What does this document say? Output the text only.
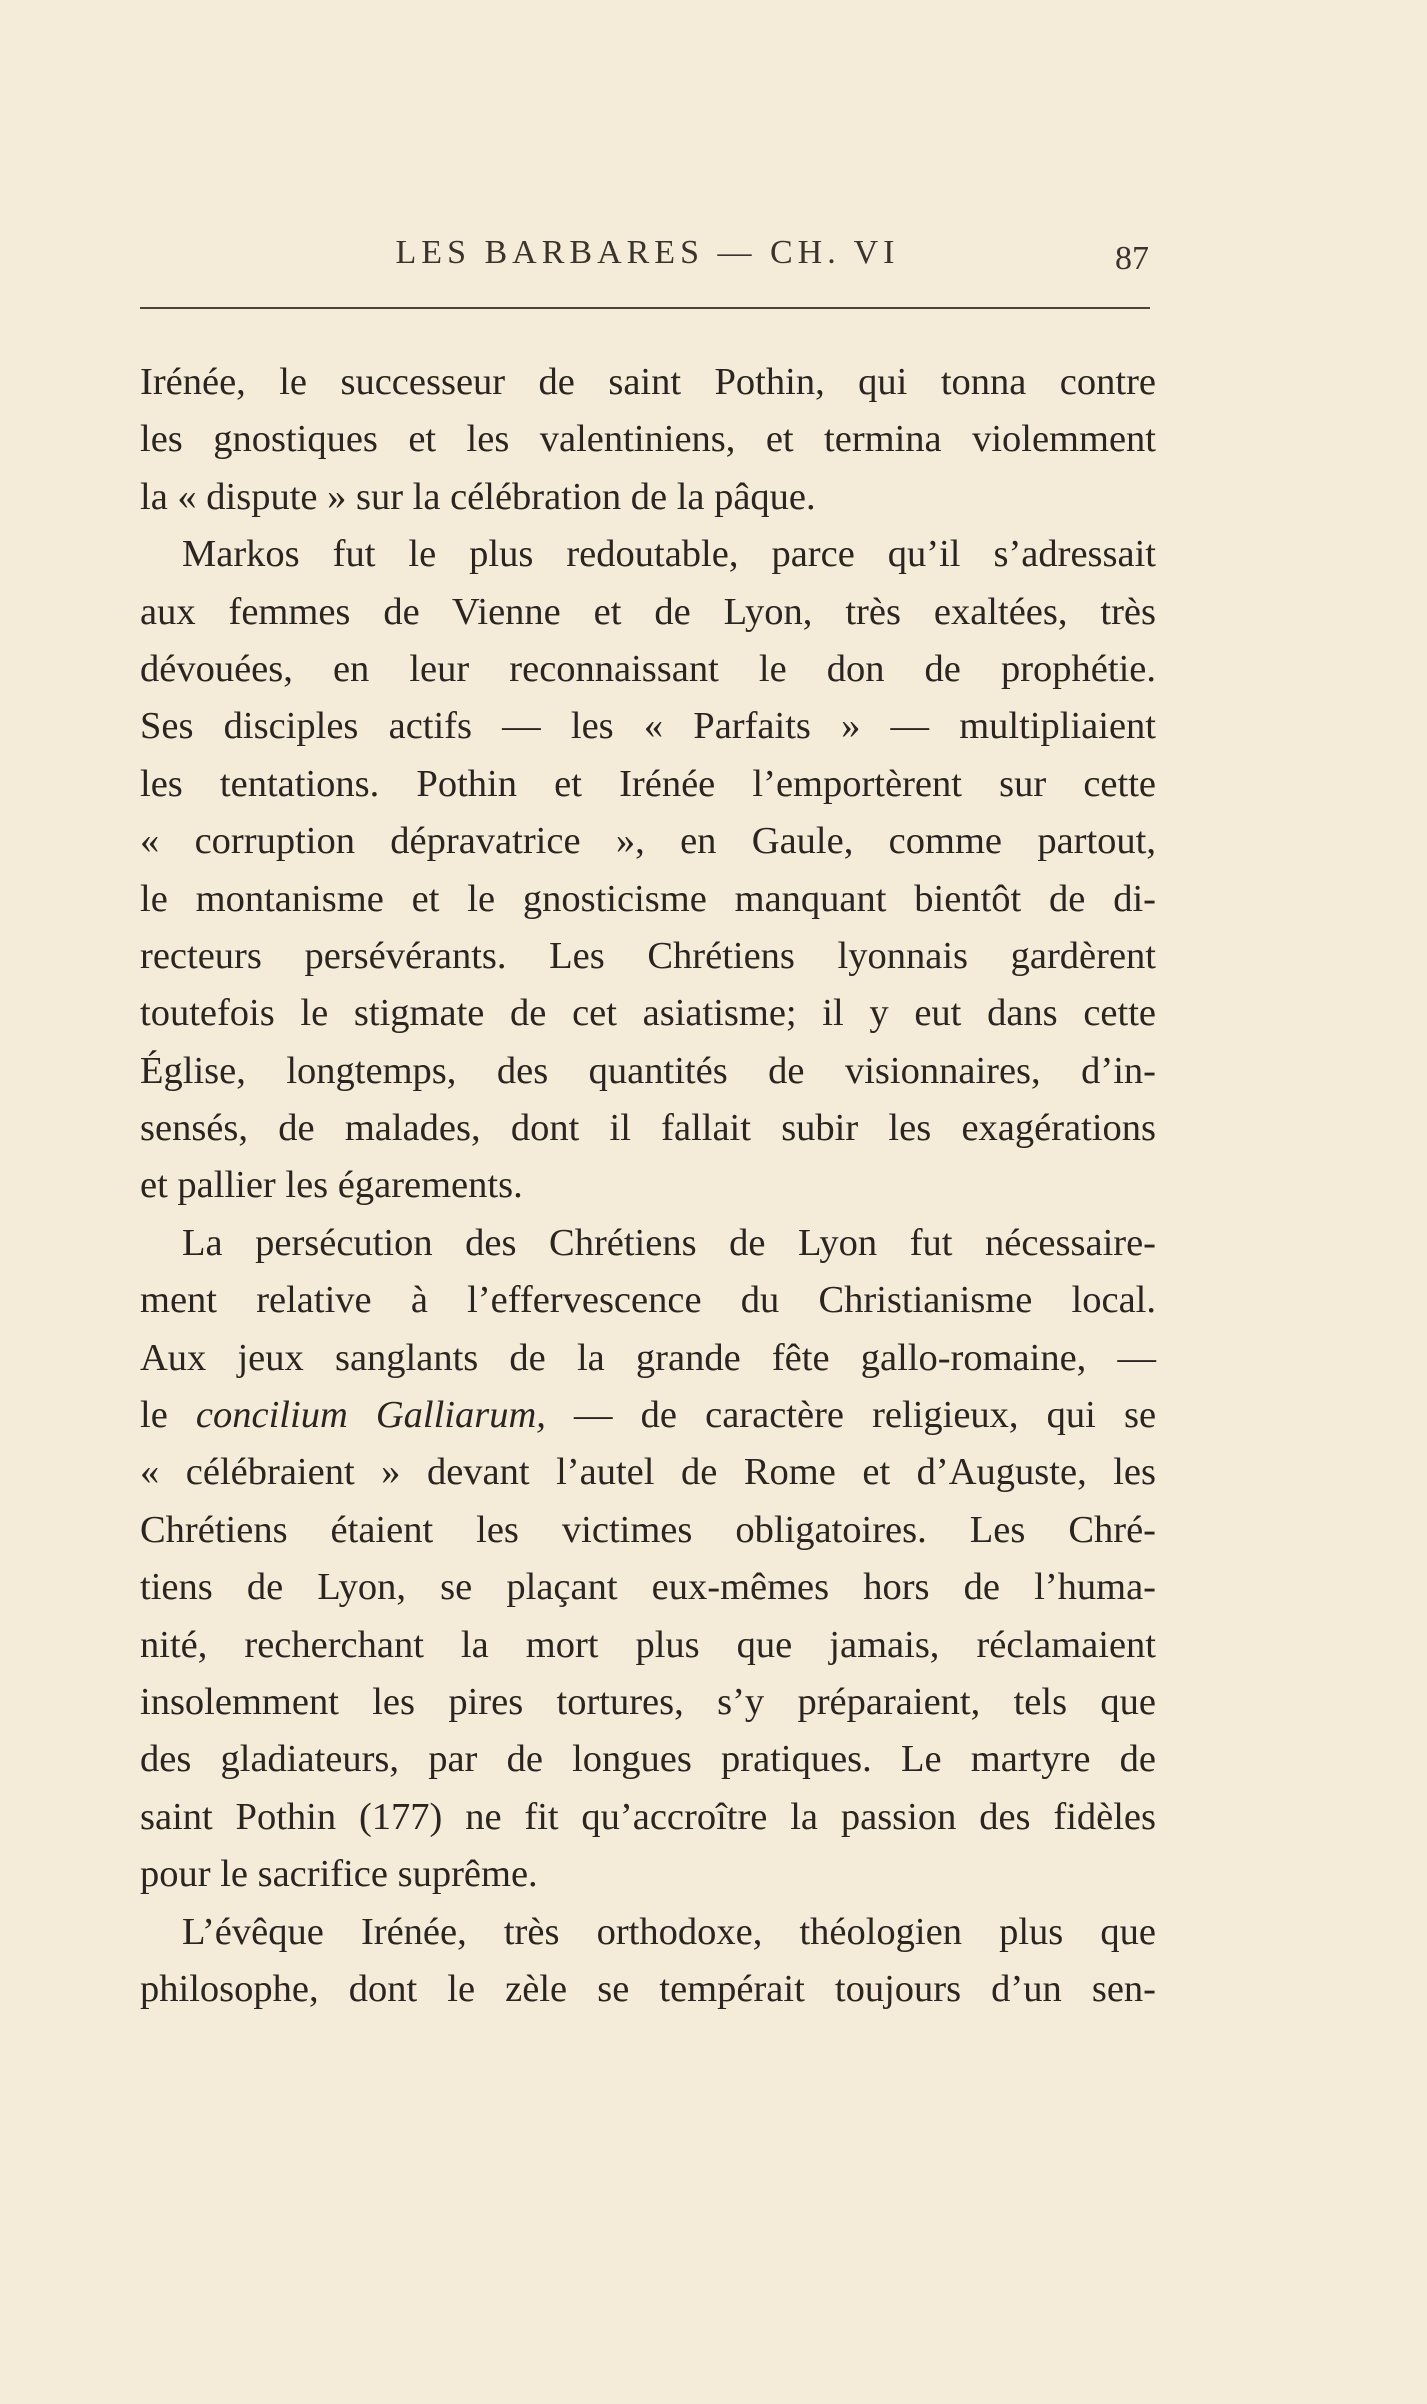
LES BARBARES — CH. VI	87
Irénée, le successeur de saint Pothin, qui tonna contre
les gnostiques et les valentiniens, et termina violemment
la « dispute » sur la célébration de la pâque.
Markos fut le plus redoutable, parce qu’il s’adressait
aux femmes de Vienne et de Lyon, très exaltées, très
dévouées, en leur reconnaissant le don de prophétie.
Ses disciples actifs — les « Parfaits » — multipliaient
les tentations. Pothin et Irénée l’emportèrent sur cette
« corruption dépravatrice », en Gaule, comme partout,
le montanisme et le gnosticisme manquant bientôt de di-
recteurs persévérants. Les Chrétiens lyonnais gardèrent
toutefois le stigmate de cet asiatisme; il y eut dans cette
Église, longtemps, des quantités de visionnaires, d’in-
sensés, de malades, dont il fallait subir les exagérations
et pallier les égarements.
La persécution des Chrétiens de Lyon fut nécessaire-
ment relative à l’effervescence du Christianisme local.
Aux jeux sanglants de la grande fête gallo-romaine, —
le concilium Galliarum, — de caractère religieux, qui se
« célébraient » devant l’autel de Rome et d’Auguste, les
Chrétiens étaient les victimes obligatoires. Les Chré-
tiens de Lyon, se plaçant eux-mêmes hors de l’huma-
nité, recherchant la mort plus que jamais, réclamaient
insolemment les pires tortures, s’y préparaient, tels que
des gladiateurs, par de longues pratiques. Le martyre de
saint Pothin (177) ne fit qu’accroître la passion des fidèles
pour le sacrifice suprême.
L’évêque Irénée, très orthodoxe, théologien plus que
philosophe, dont le zèle se tempérait toujours d’un sen-
